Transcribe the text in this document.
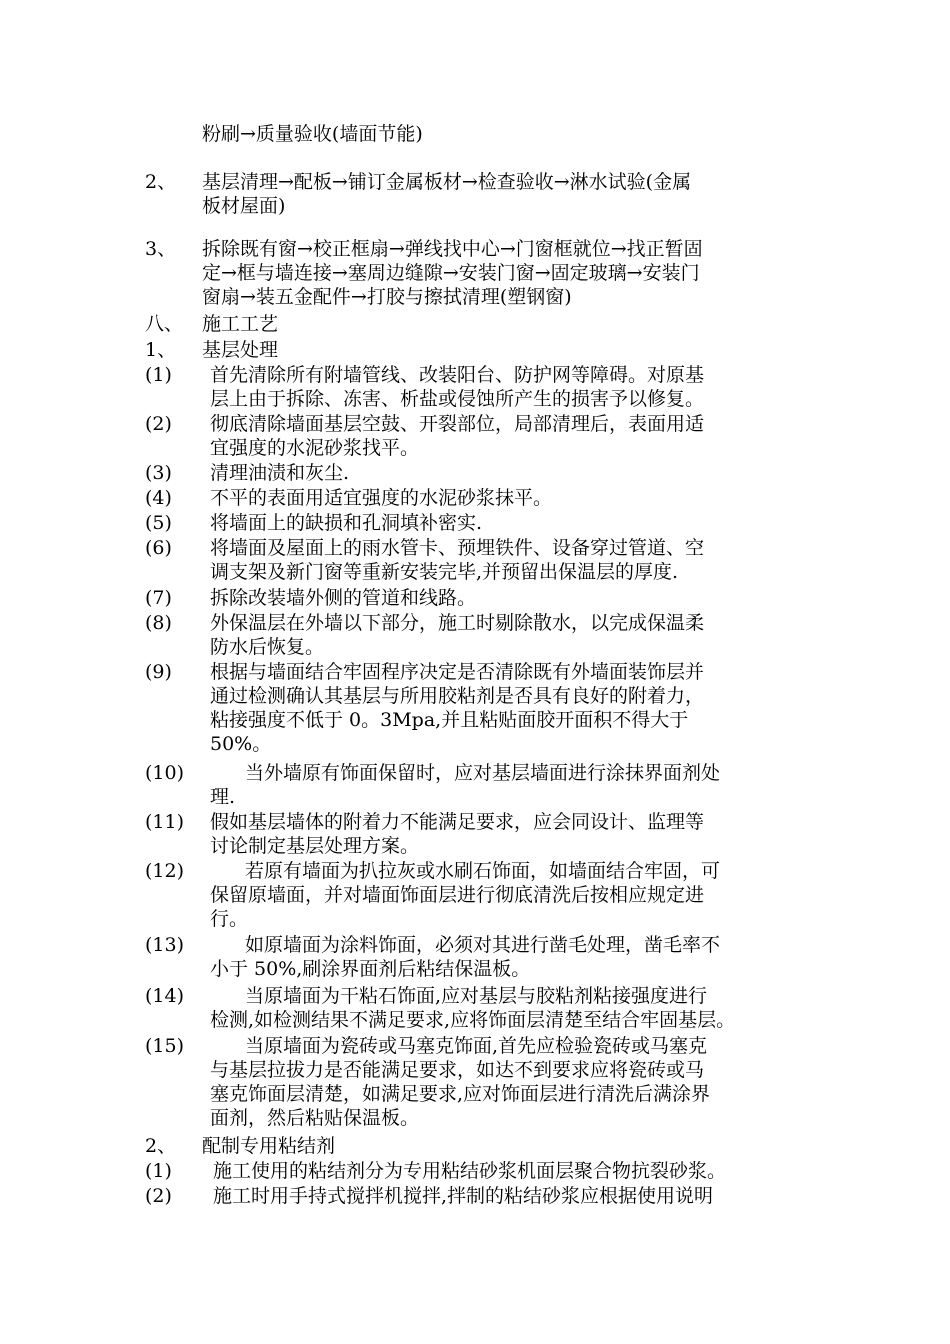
粉刷→质量验收(墙面节能)
2、 基层清理→配板→铺订金属板材→检查验收→淋水试验(金属
板材屋面)
3、 拆除既有窗→校正框扇→弹线找中心→门窗框就位→找正暂固
定→框与墙连接→塞周边缝隙→安装门窗→固定玻璃→安装门
窗扇→装五金配件→打胶与擦拭清理(塑钢窗)
八、 施工工艺
1、 基层处理
(1) 首先清除所有附墙管线、改装阳台、防护网等障碍。对原基
层上由于拆除、冻害、析盐或侵蚀所产生的损害予以修复。
(2) 彻底清除墙面基层空鼓、开裂部位，局部清理后，表面用适
宜强度的水泥砂浆找平。
(3) 清理油渍和灰尘.
(4) 不平的表面用适宜强度的水泥砂浆抹平。
(5) 将墙面上的缺损和孔洞填补密实.
(6) 将墙面及屋面上的雨水管卡、预埋铁件、设备穿过管道、空
调支架及新门窗等重新安装完毕,并预留出保温层的厚度.
(7) 拆除改装墙外侧的管道和线路。
(8) 外保温层在外墙以下部分，施工时剔除散水，以完成保温柔
防水后恢复。
(9) 根据与墙面结合牢固程序决定是否清除既有外墙面装饰层并
通过检测确认其基层与所用胶粘剂是否具有良好的附着力，
粘接强度不低于 0。3Mpa,并且粘贴面胶开面积不得大于
50%。
(10)	当外墙原有饰面保留时，应对基层墙面进行涂抹界面剂处
理.
(11) 假如基层墙体的附着力不能满足要求，应会同设计、监理等
讨论制定基层处理方案。
(12)	若原有墙面为扒拉灰或水刷石饰面，如墙面结合牢固，可
保留原墙面，并对墙面饰面层进行彻底清洗后按相应规定进
行。
(13)	如原墙面为涂料饰面，必须对其进行凿毛处理，凿毛率不
小于 50%,刷涂界面剂后粘结保温板。
(14)	当原墙面为干粘石饰面,应对基层与胶粘剂粘接强度进行
检测,如检测结果不满足要求,应将饰面层清楚至结合牢固基层。
(15)	当原墙面为瓷砖或马塞克饰面,首先应检验瓷砖或马塞克
与基层拉拔力是否能满足要求，如达不到要求应将瓷砖或马
塞克饰面层清楚，如满足要求,应对饰面层进行清洗后满涂界
面剂，然后粘贴保温板。
2、 配制专用粘结剂
(1) 施工使用的粘结剂分为专用粘结砂浆机面层聚合物抗裂砂浆。
(2) 施工时用手持式搅拌机搅拌,拌制的粘结砂浆应根据使用说明
